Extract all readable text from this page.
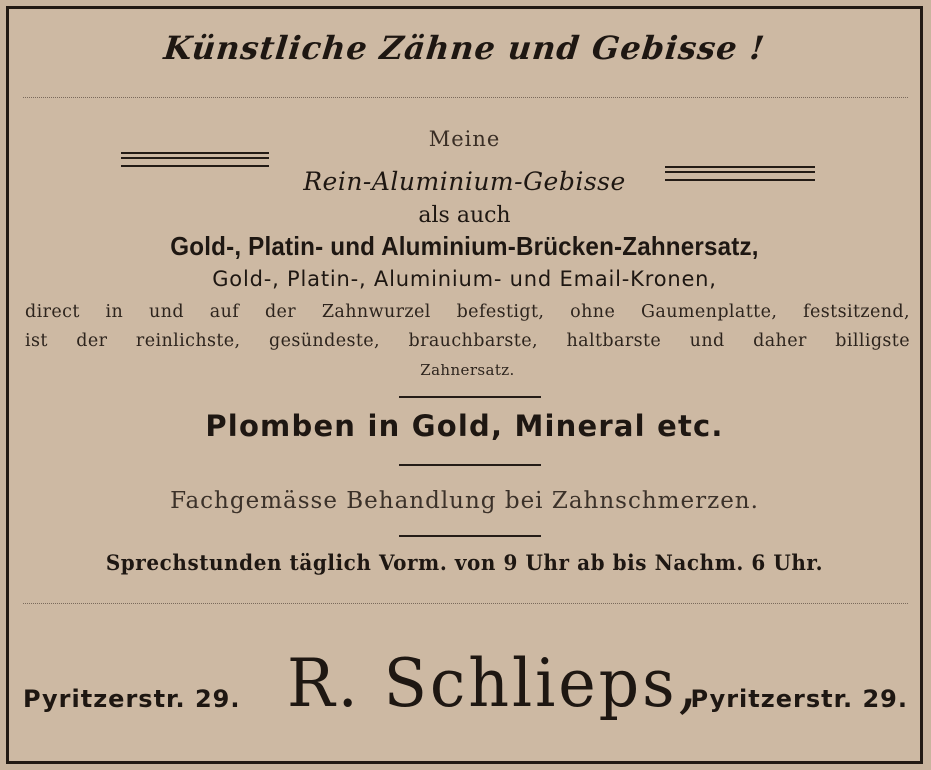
Künstliche Zähne und Gebisse !
Meine
Rein-Aluminium-Gebisse
als auch
Gold-, Platin- und Aluminium-Brücken-Zahnersatz,
Gold-, Platin-, Aluminium- und Email-Kronen,
direct in und auf der Zahnwurzel befestigt, ohne Gaumenplatte, festsitzend,
ist der reinlichste, gesündeste, brauchbarste, haltbarste und daher billigste
Zahnersatz.
Plomben in Gold, Mineral etc.
Fachgemässe Behandlung bei Zahnschmerzen.
Sprechstunden täglich Vorm. von 9 Uhr ab bis Nachm. 6 Uhr.
Pyritzerstr. 29. R. Schlieps,
Pyritzerstr. 29.
